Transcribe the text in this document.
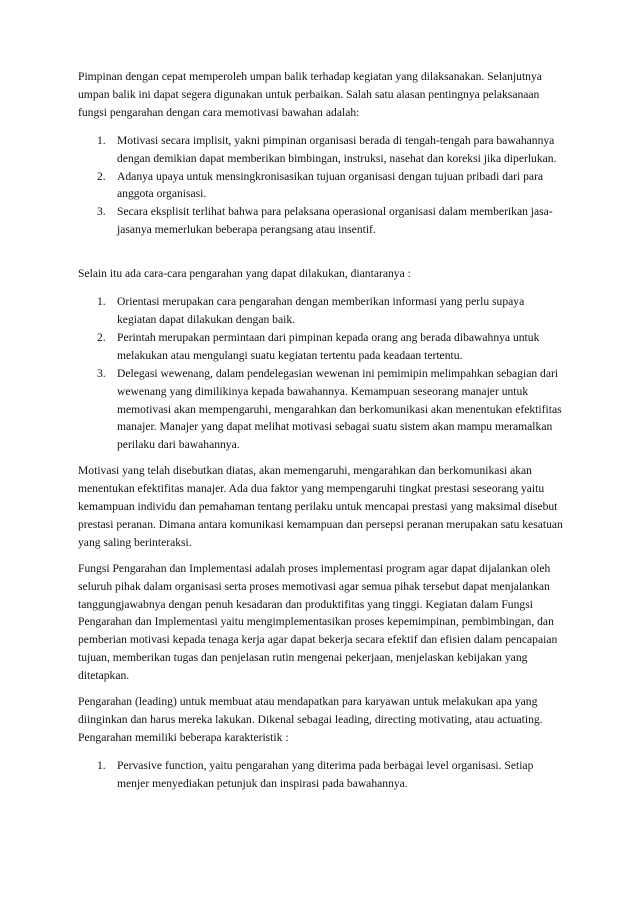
Pimpinan dengan cepat memperoleh umpan balik terhadap kegiatan yang dilaksanakan. Selanjutnya umpan balik ini dapat segera digunakan untuk perbaikan. Salah satu alasan pentingnya pelaksanaan fungsi pengarahan dengan cara memotivasi bawahan adalah:

1. Motivasi secara implisit, yakni pimpinan organisasi berada di tengah-tengah para bawahannya dengan demikian dapat memberikan bimbingan, instruksi, nasehat dan koreksi jika diperlukan.
2. Adanya upaya untuk mensingkronisasikan tujuan organisasi dengan tujuan pribadi dari para anggota organisasi.
3. Secara eksplisit terlihat bahwa para pelaksana operasional organisasi dalam memberikan jasa-jasanya memerlukan beberapa perangsang atau insentif.

Selain itu ada cara-cara pengarahan yang dapat dilakukan, diantaranya :

1. Orientasi merupakan cara pengarahan dengan memberikan informasi yang perlu supaya kegiatan dapat dilakukan dengan baik.
2. Perintah merupakan permintaan dari pimpinan kepada orang ang berada dibawahnya untuk melakukan atau mengulangi suatu kegiatan tertentu pada keadaan tertentu.
3. Delegasi wewenang, dalam pendelegasian wewenan ini pemimipin melimpahkan sebagian dari wewenang yang dimilikinya kepada bawahannya. Kemampuan seseorang manajer untuk memotivasi akan mempengaruhi, mengarahkan dan berkomunikasi akan menentukan efektifitas manajer. Manajer yang dapat melihat motivasi sebagai suatu sistem akan mampu meramalkan perilaku dari bawahannya.

Motivasi yang telah disebutkan diatas, akan memengaruhi, mengarahkan dan berkomunikasi akan menentukan efektifitas manajer. Ada dua faktor yang mempengaruhi tingkat prestasi seseorang yaitu kemampuan individu dan pemahaman tentang perilaku untuk mencapai prestasi yang maksimal disebut prestasi peranan. Dimana antara komunikasi kemampuan dan persepsi peranan merupakan satu kesatuan yang saling berinteraksi.

Fungsi Pengarahan dan Implementasi adalah proses implementasi program agar dapat dijalankan oleh seluruh pihak dalam organisasi serta proses memotivasi agar semua pihak tersebut dapat menjalankan tanggungjawabnya dengan penuh kesadaran dan produktifitas yang tinggi. Kegiatan dalam Fungsi Pengarahan dan Implementasi yaitu mengimplementasikan proses kepemimpinan, pembimbingan, dan pemberian motivasi kepada tenaga kerja agar dapat bekerja secara efektif dan efisien dalam pencapaian tujuan, memberikan tugas dan penjelasan rutin mengenai pekerjaan, menjelaskan kebijakan yang ditetapkan.

Pengarahan (leading) untuk membuat atau mendapatkan para karyawan untuk melakukan apa yang diinginkan dan harus mereka lakukan. Dikenal sebagai leading, directing motivating, atau actuating. Pengarahan memiliki beberapa karakteristik :

1. Pervasive function, yaitu pengarahan yang diterima pada berbagai level organisasi. Setiap menjer menyediakan petunjuk dan inspirasi pada bawahannya.
